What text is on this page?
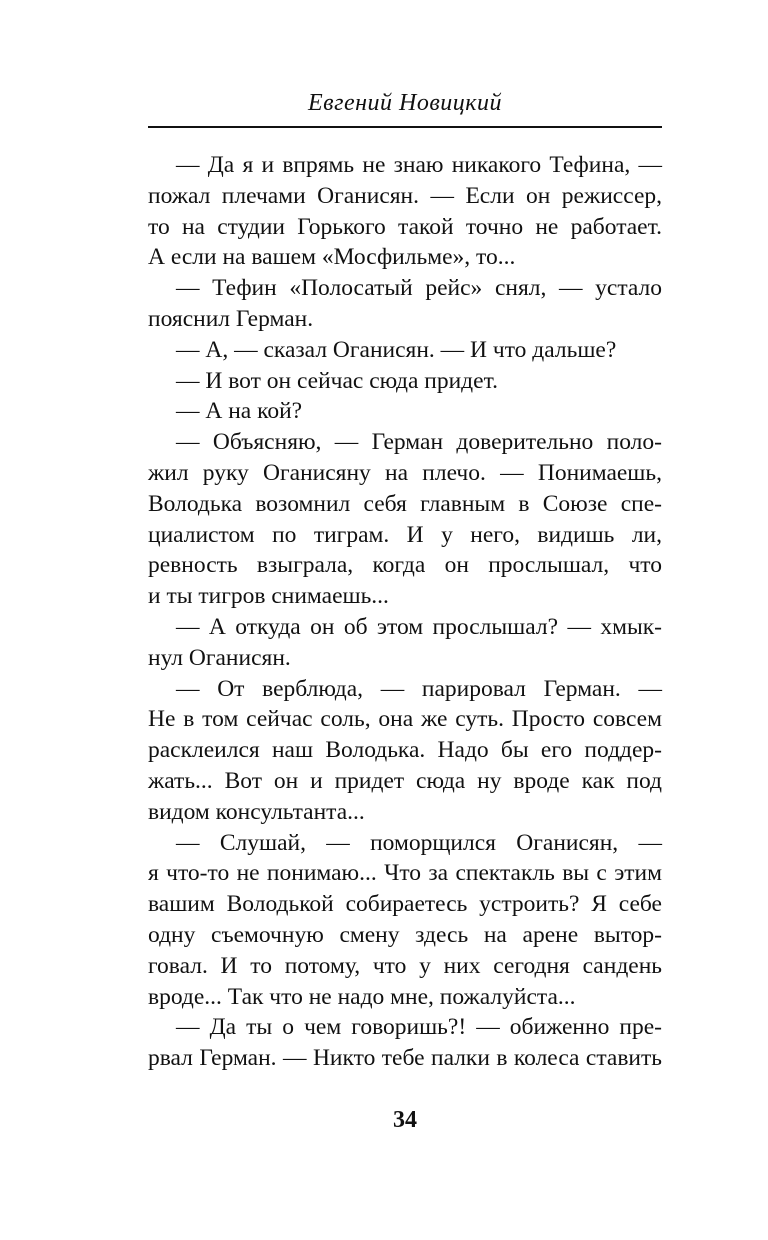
Евгений Новицкий
— Да я и впрямь не знаю никакого Тефина, —
пожал плечами Оганисян. — Если он режиссер,
то на студии Горького такой точно не работает.
А если на вашем «Мосфильме», то...
— Тефин «Полосатый рейс» снял, — устало
пояснил Герман.
— А, — сказал Оганисян. — И что дальше?
— И вот он сейчас сюда придет.
— А на кой?
— Объясняю, — Герман доверительно поло-
жил руку Оганисяну на плечо. — Понимаешь,
Володька возомнил себя главным в Союзе спе-
циалистом по тиграм. И у него, видишь ли,
ревность взыграла, когда он прослышал, что
и ты тигров снимаешь...
— А откуда он об этом прослышал? — хмык-
нул Оганисян.
— От верблюда, — парировал Герман. —
Не в том сейчас соль, она же суть. Просто совсем
расклеился наш Володька. Надо бы его поддер-
жать... Вот он и придет сюда ну вроде как под
видом консультанта...
— Слушай, — поморщился Оганисян, —
я что-то не понимаю... Что за спектакль вы с этим
вашим Володькой собираетесь устроить? Я себе
одну съемочную смену здесь на арене вытор-
говал. И то потому, что у них сегодня сандень
вроде... Так что не надо мне, пожалуйста...
— Да ты о чем говоришь?! — обиженно пре-
рвал Герман. — Никто тебе палки в колеса ставить
34
